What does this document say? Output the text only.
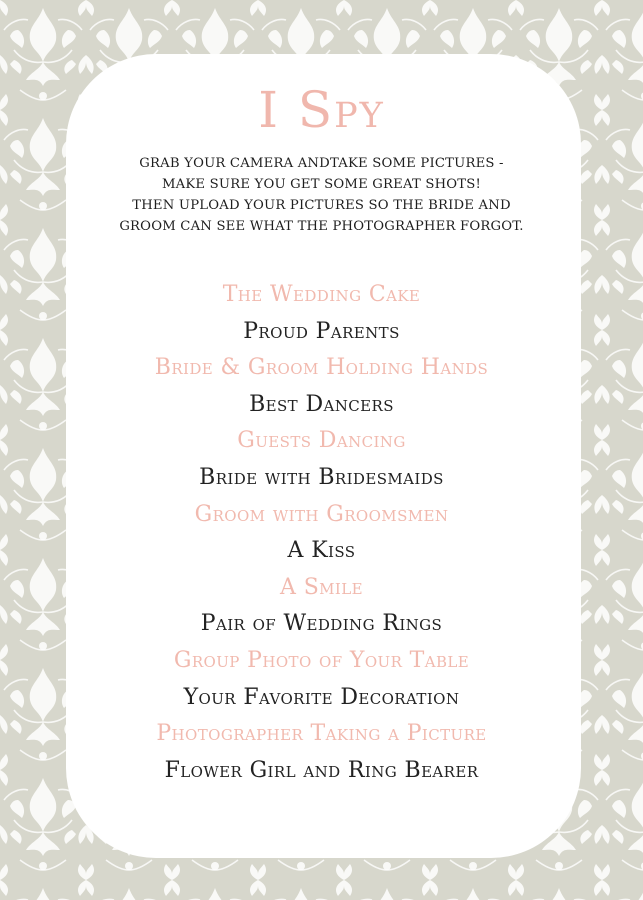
I Spy
GRAB YOUR CAMERA ANDTAKE SOME PICTURES -
MAKE SURE YOU GET SOME GREAT SHOTS!
THEN UPLOAD YOUR PICTURES SO THE BRIDE AND
GROOM CAN SEE WHAT THE PHOTOGRAPHER FORGOT.
The Wedding Cake
Proud Parents
Bride & Groom Holding Hands
Best Dancers
Guests Dancing
Bride with Bridesmaids
Groom with Groomsmen
A Kiss
A Smile
Pair of Wedding Rings
Group Photo of Your Table
Your Favorite Decoration
Photographer Taking a Picture
Flower Girl and Ring Bearer
